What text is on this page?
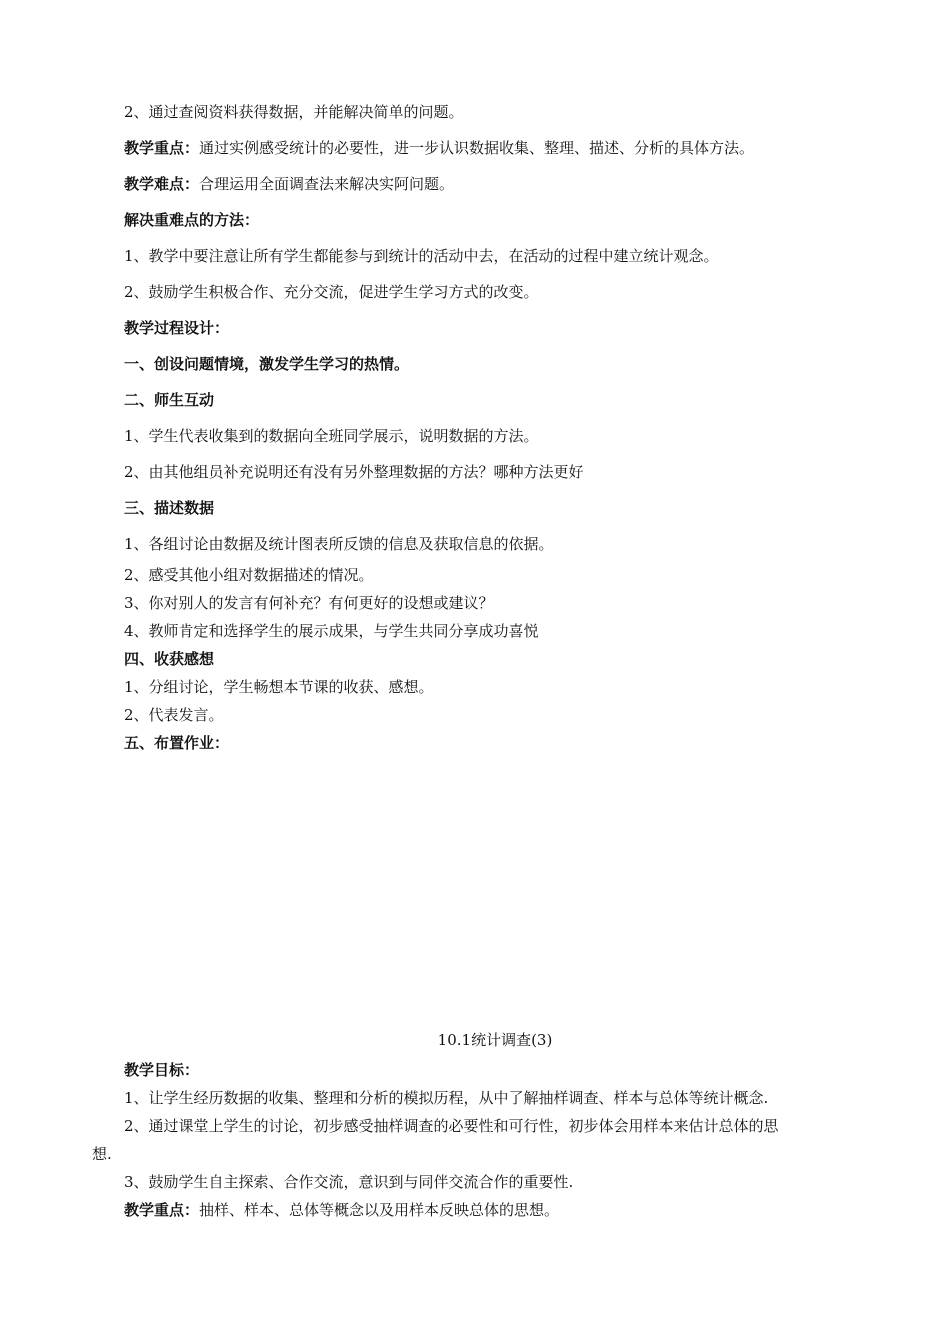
2、通过查阅资料获得数据，并能解决简单的问题。
教学重点：通过实例感受统计的必要性，进一步认识数据收集、整理、描述、分析的具体方法。
教学难点：合理运用全面调查法来解决实阿问题。
解决重难点的方法：
1、教学中要注意让所有学生都能参与到统计的活动中去，在活动的过程中建立统计观念。
2、鼓励学生积极合作、充分交流，促进学生学习方式的改变。
教学过程设计：
一、创设问题情境，激发学生学习的热情。
二、师生互动
1、学生代表收集到的数据向全班同学展示，说明数据的方法。
2、由其他组员补充说明还有没有另外整理数据的方法？哪种方法更好
三、描述数据
1、各组讨论由数据及统计图表所反馈的信息及获取信息的依据。
2、感受其他小组对数据描述的情况。
3、你对别人的发言有何补充？有何更好的设想或建议？
4、教师肯定和选择学生的展示成果，与学生共同分享成功喜悦
四、收获感想
1、分组讨论，学生畅想本节课的收获、感想。
2、代表发言。
五、布置作业：
10.1统计调查(3)
教学目标：
1、让学生经历数据的收集、整理和分析的模拟历程，从中了解抽样调查、样本与总体等统计概念.
2、通过课堂上学生的讨论，初步感受抽样调查的必要性和可行性，初步体会用样本来估计总体的思
想.
3、鼓励学生自主探索、合作交流，意识到与同伴交流合作的重要性.
教学重点：抽样、样本、总体等概念以及用样本反映总体的思想。
